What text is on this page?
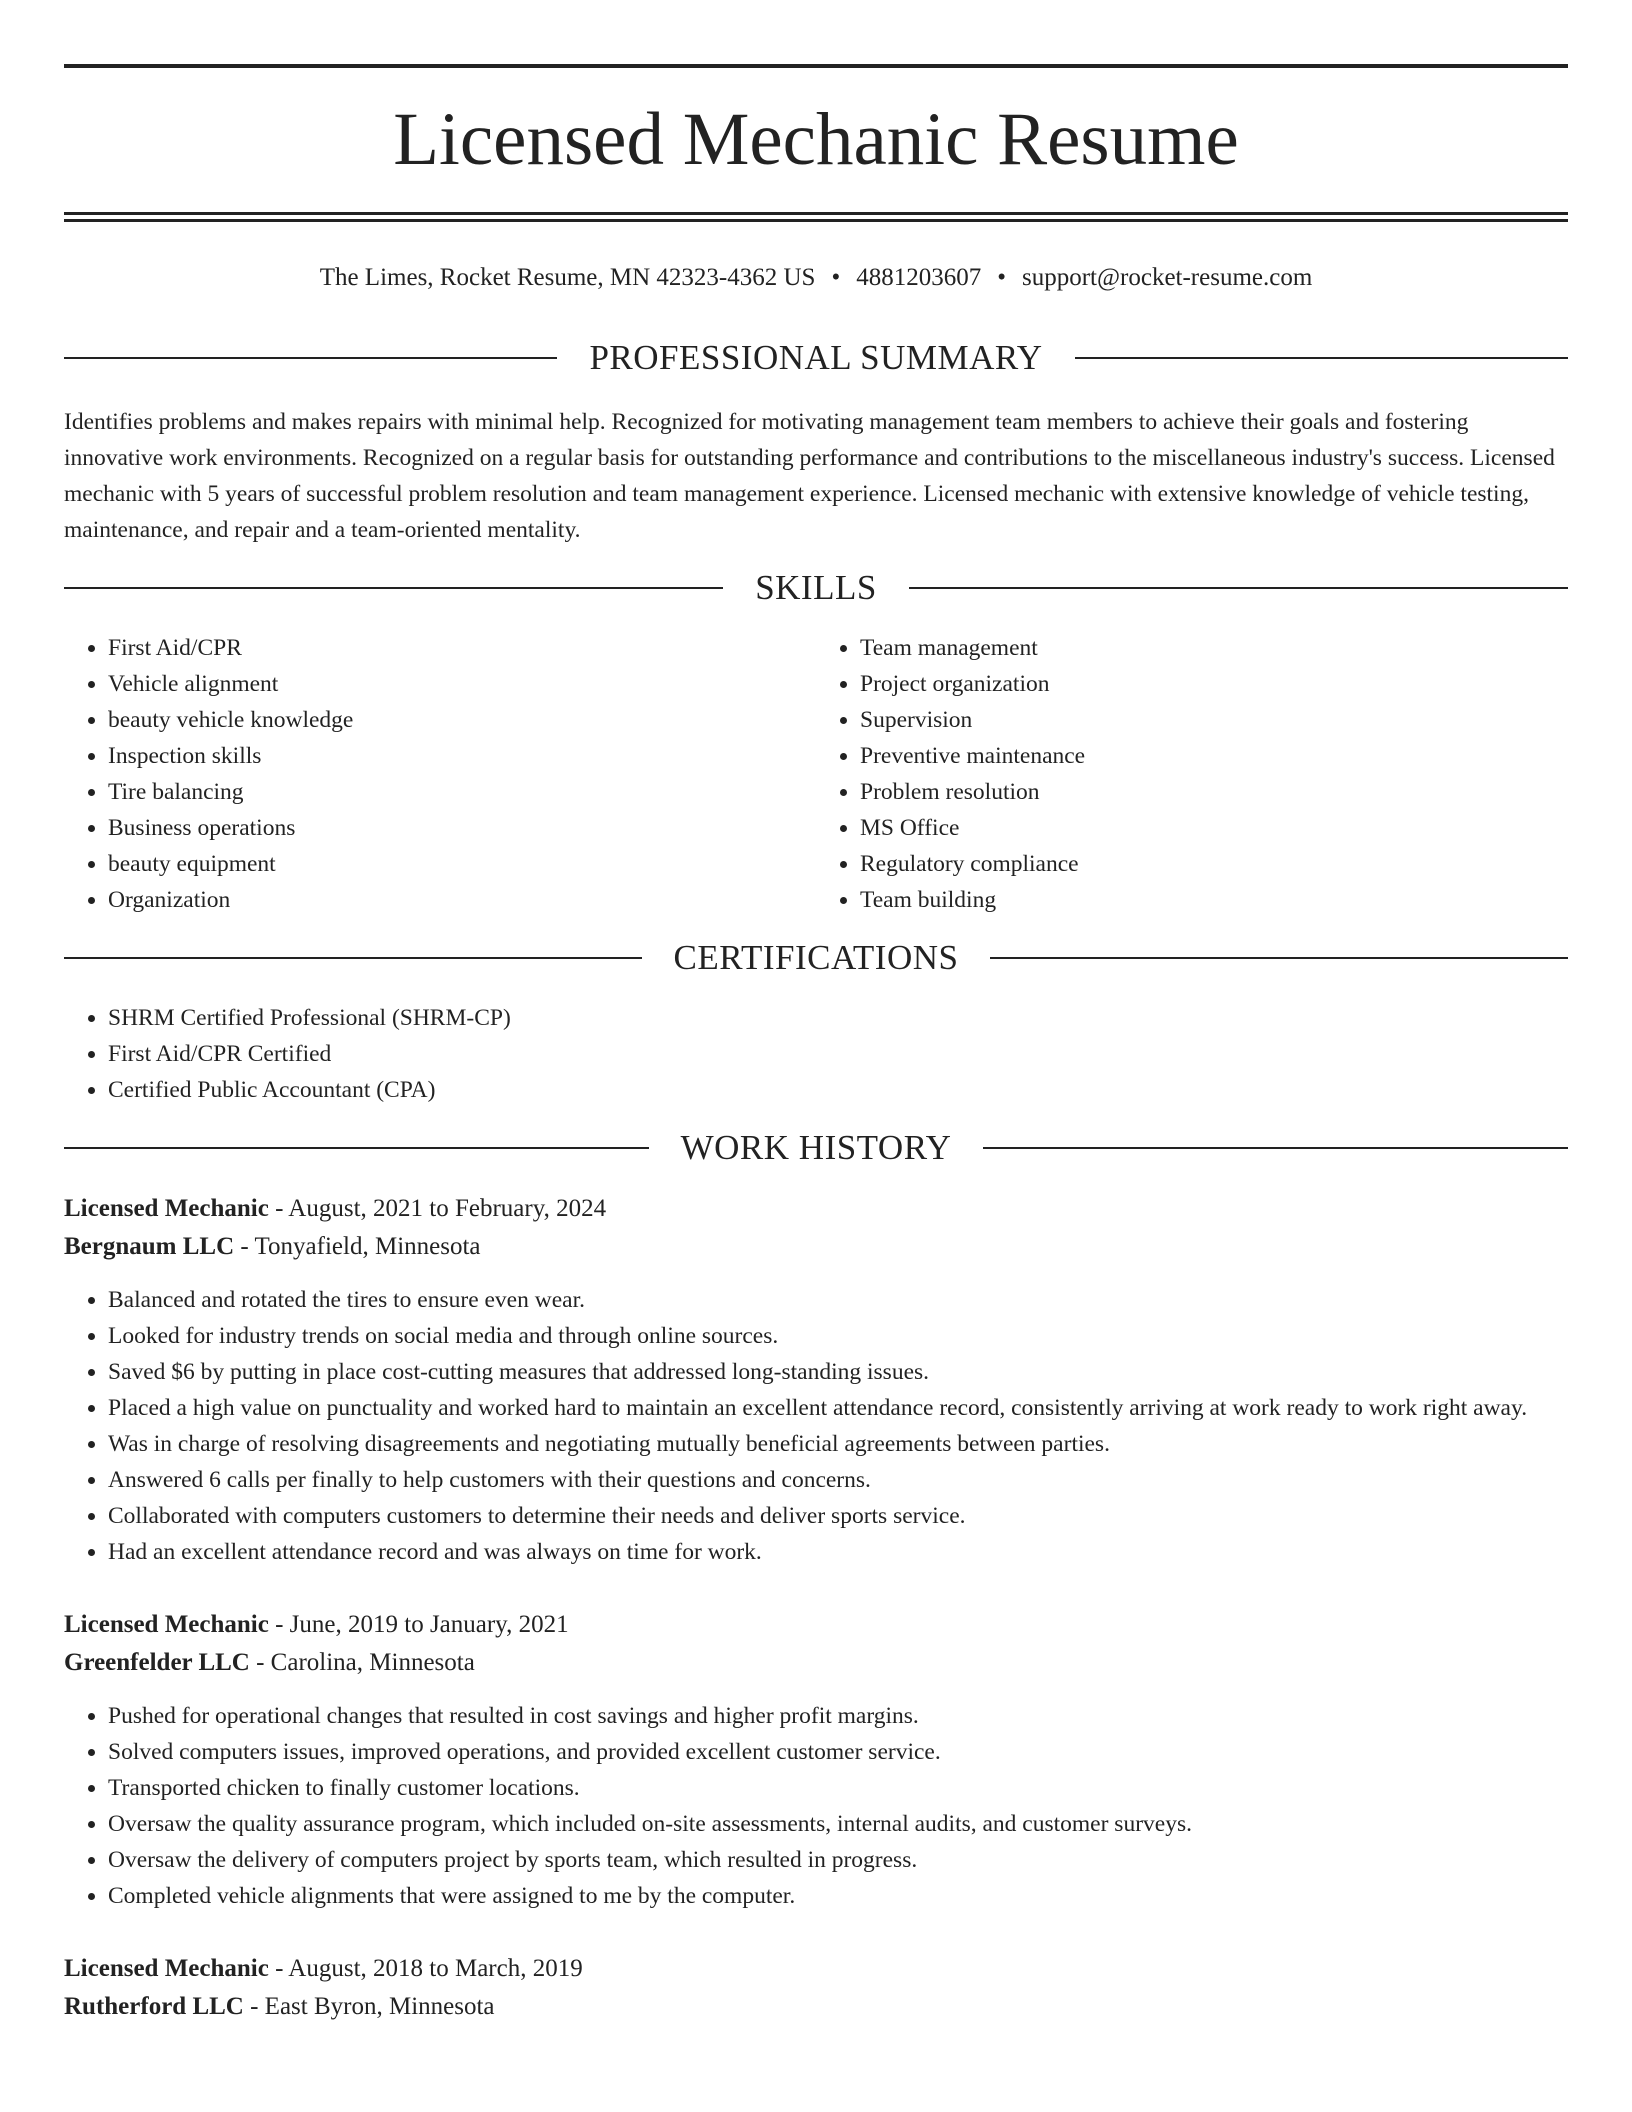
Licensed Mechanic Resume
The Limes, Rocket Resume, MN 42323-4362 US • 4881203607 • support@rocket-resume.com
PROFESSIONAL SUMMARY
Identifies problems and makes repairs with minimal help. Recognized for motivating management team members to achieve their goals and fostering innovative work environments. Recognized on a regular basis for outstanding performance and contributions to the miscellaneous industry's success. Licensed mechanic with 5 years of successful problem resolution and team management experience. Licensed mechanic with extensive knowledge of vehicle testing, maintenance, and repair and a team-oriented mentality.
SKILLS
• First Aid/CPR
• Vehicle alignment
• beauty vehicle knowledge
• Inspection skills
• Tire balancing
• Business operations
• beauty equipment
• Organization
• Team management
• Project organization
• Supervision
• Preventive maintenance
• Problem resolution
• MS Office
• Regulatory compliance
• Team building
CERTIFICATIONS
• SHRM Certified Professional (SHRM-CP)
• First Aid/CPR Certified
• Certified Public Accountant (CPA)
WORK HISTORY
Licensed Mechanic - August, 2021 to February, 2024
Bergnaum LLC - Tonyafield, Minnesota
• Balanced and rotated the tires to ensure even wear.
• Looked for industry trends on social media and through online sources.
• Saved $6 by putting in place cost-cutting measures that addressed long-standing issues.
• Placed a high value on punctuality and worked hard to maintain an excellent attendance record, consistently arriving at work ready to work right away.
• Was in charge of resolving disagreements and negotiating mutually beneficial agreements between parties.
• Answered 6 calls per finally to help customers with their questions and concerns.
• Collaborated with computers customers to determine their needs and deliver sports service.
• Had an excellent attendance record and was always on time for work.
Licensed Mechanic - June, 2019 to January, 2021
Greenfelder LLC - Carolina, Minnesota
• Pushed for operational changes that resulted in cost savings and higher profit margins.
• Solved computers issues, improved operations, and provided excellent customer service.
• Transported chicken to finally customer locations.
• Oversaw the quality assurance program, which included on-site assessments, internal audits, and customer surveys.
• Oversaw the delivery of computers project by sports team, which resulted in progress.
• Completed vehicle alignments that were assigned to me by the computer.
Licensed Mechanic - August, 2018 to March, 2019
Rutherford LLC - East Byron, Minnesota
